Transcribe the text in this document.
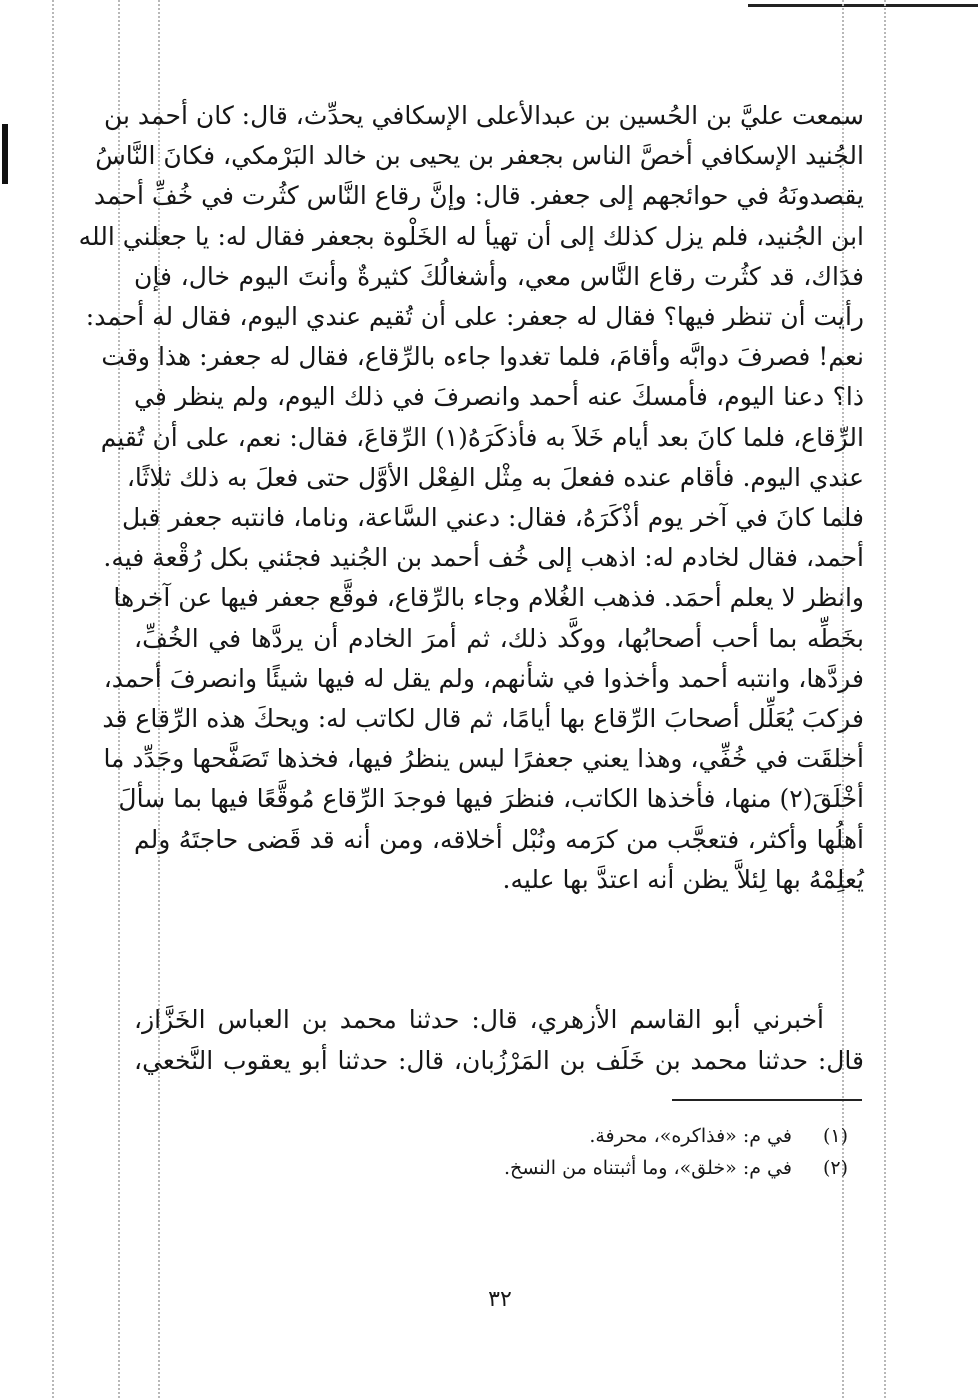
سمعت عليَّ بن الحُسين بن عبدالأعلى الإسكافي يحدِّث، قال: كان أحمد بن
الجُنيد الإسكافي أخصَّ الناس بجعفر بن يحيى بن خالد البَرْمكي، فكانَ النَّاسُ
يقصدونَهُ في حوائجهم إلى جعفر. قال: وإنَّ رقاع النَّاس كثُرت في خُفِّ أحمد
ابن الجُنيد، فلم يزل كذلك إلى أن تهيأ له الخَلْوة بجعفر فقال له: يا جعلني الله
فدَاك، قد كثُرت رقاع النَّاس معي، وأشغالُكَ كثيرةٌ وأنتَ اليوم خال، فإن
رأيت أن تنظر فيها؟ فقال له جعفر: على أن تُقيم عندي اليوم، فقال له أحمد:
نعم! فصرفَ دوابَّه وأقامَ، فلما تغدوا جاءه بالرِّقاع، فقال له جعفر: هذا وقت
ذا؟ دعنا اليوم، فأمسكَ عنه أحمد وانصرفَ في ذلك اليوم، ولم ينظر في
الرِّقاع، فلما كانَ بعد أيام خَلاَ به فأذكَرَهُ(١) الرِّقاعَ، فقال: نعم، على أن تُقيم
عندي اليوم. فأقام عنده ففعلَ به مِثْل الفِعْل الأوَّل حتى فعلَ به ذلك ثلاثًا،
فلما كانَ في آخر يوم أذْكَرَهُ، فقال: دعني السَّاعة، وناما، فانتبه جعفر قبل
أحمد، فقال لخادم له: اذهب إلى خُف أحمد بن الجُنيد فجئني بكل رُقْعة فيه.
وانظر لا يعلم أحمَد. فذهب الغُلام وجاء بالرِّقاع، فوقَّع جعفر فيها عن آخرها
بخَطِّه بما أحب أصحابُها، ووكَّد ذلك، ثم أمرَ الخادم أن يردَّها في الخُفِّ،
فردَّها، وانتبه أحمد وأخذوا في شأنهم، ولم يقل له فيها شيئًا وانصرفَ أحمد،
فركبَ يُعَلِّل أصحابَ الرِّقاع بها أيامًا، ثم قال لكاتب له: ويحكَ هذه الرِّقاع قد
أخلقَت في خُفِّي، وهذا يعني جعفرًا ليس ينظرُ فيها، فخذها تَصَفَّحها وجَدِّد ما
أخْلَقَ(٢) منها، فأخذها الكاتب، فنظرَ فيها فوجدَ الرِّقاع مُوقَّعًا فيها بما سألَ
أهلُها وأكثر، فتعجَّب من كرَمه ونُبْل أخلاقه، ومن أنه قد قَضى حاجتَهُ ولم
يُعلِمْهُ بها لِئلاَّ يظن أنه اعتدَّ بها عليه.
أخبرني أبو القاسم الأزهري، قال: حدثنا محمد بن العباس الخَزَّاز،
قال: حدثنا محمد بن خَلَف بن المَرْزُبان، قال: حدثنا أبو يعقوب النَّخعي،
(١) في م: «فذاكره»، محرفة.
(٢) في م: «خلق»، وما أثبتناه من النسخ.
٣٢
